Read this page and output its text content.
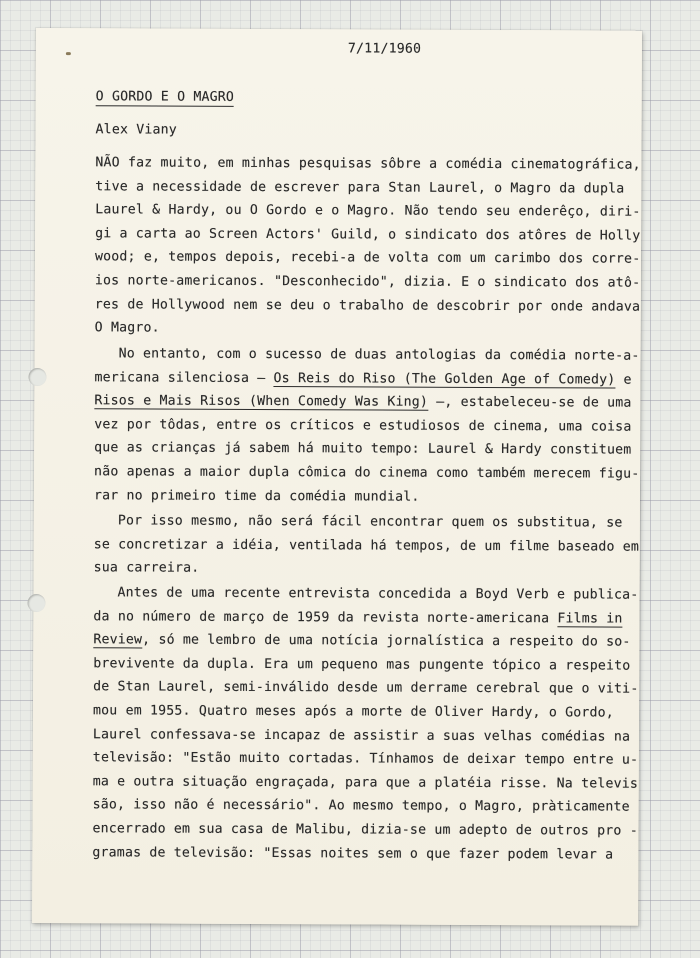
7/11/1960
O GORDO E O MAGRO
Alex Viany
NÃO faz muito, em minhas pesquisas sôbre a comédia cinematográfica,
tive a necessidade de escrever para Stan Laurel, o Magro da dupla
Laurel & Hardy, ou O Gordo e o Magro. Não tendo seu enderêço, diri-
gi a carta ao Screen Actors' Guild, o sindicato dos atôres de Holly
wood; e, tempos depois, recebi-a de volta com um carimbo dos corre-
ios norte-americanos. "Desconhecido", dizia. E o sindicato dos atô-
res de Hollywood nem se deu o trabalho de descobrir por onde andava
O Magro.
No entanto, com o sucesso de duas antologias da comédia norte-a-
mericana silenciosa — Os Reis do Riso (The Golden Age of Comedy) e
Risos e Mais Risos (When Comedy Was King) —, estabeleceu-se de uma
vez por tôdas, entre os críticos e estudiosos de cinema, uma coisa
que as crianças já sabem há muito tempo: Laurel & Hardy constituem
não apenas a maior dupla cômica do cinema como também merecem figu-
rar no primeiro time da comédia mundial.
Por isso mesmo, não será fácil encontrar quem os substitua, se
se concretizar a idéia, ventilada há tempos, de um filme baseado em
sua carreira.
Antes de uma recente entrevista concedida a Boyd Verb e publica-
da no número de março de 1959 da revista norte-americana Films in
Review, só me lembro de uma notícia jornalística a respeito do so-
brevivente da dupla. Era um pequeno mas pungente tópico a respeito
de Stan Laurel, semi-inválido desde um derrame cerebral que o viti-
mou em 1955. Quatro meses após a morte de Oliver Hardy, o Gordo,
Laurel confessava-se incapaz de assistir a suas velhas comédias na
televisão: "Estão muito cortadas. Tínhamos de deixar tempo entre u-
ma e outra situação engraçada, para que a platéia risse. Na televis
são, isso não é necessário". Ao mesmo tempo, o Magro, pràticamente
encerrado em sua casa de Malibu, dizia-se um adepto de outros pro -
gramas de televisão: "Essas noites sem o que fazer podem levar a
